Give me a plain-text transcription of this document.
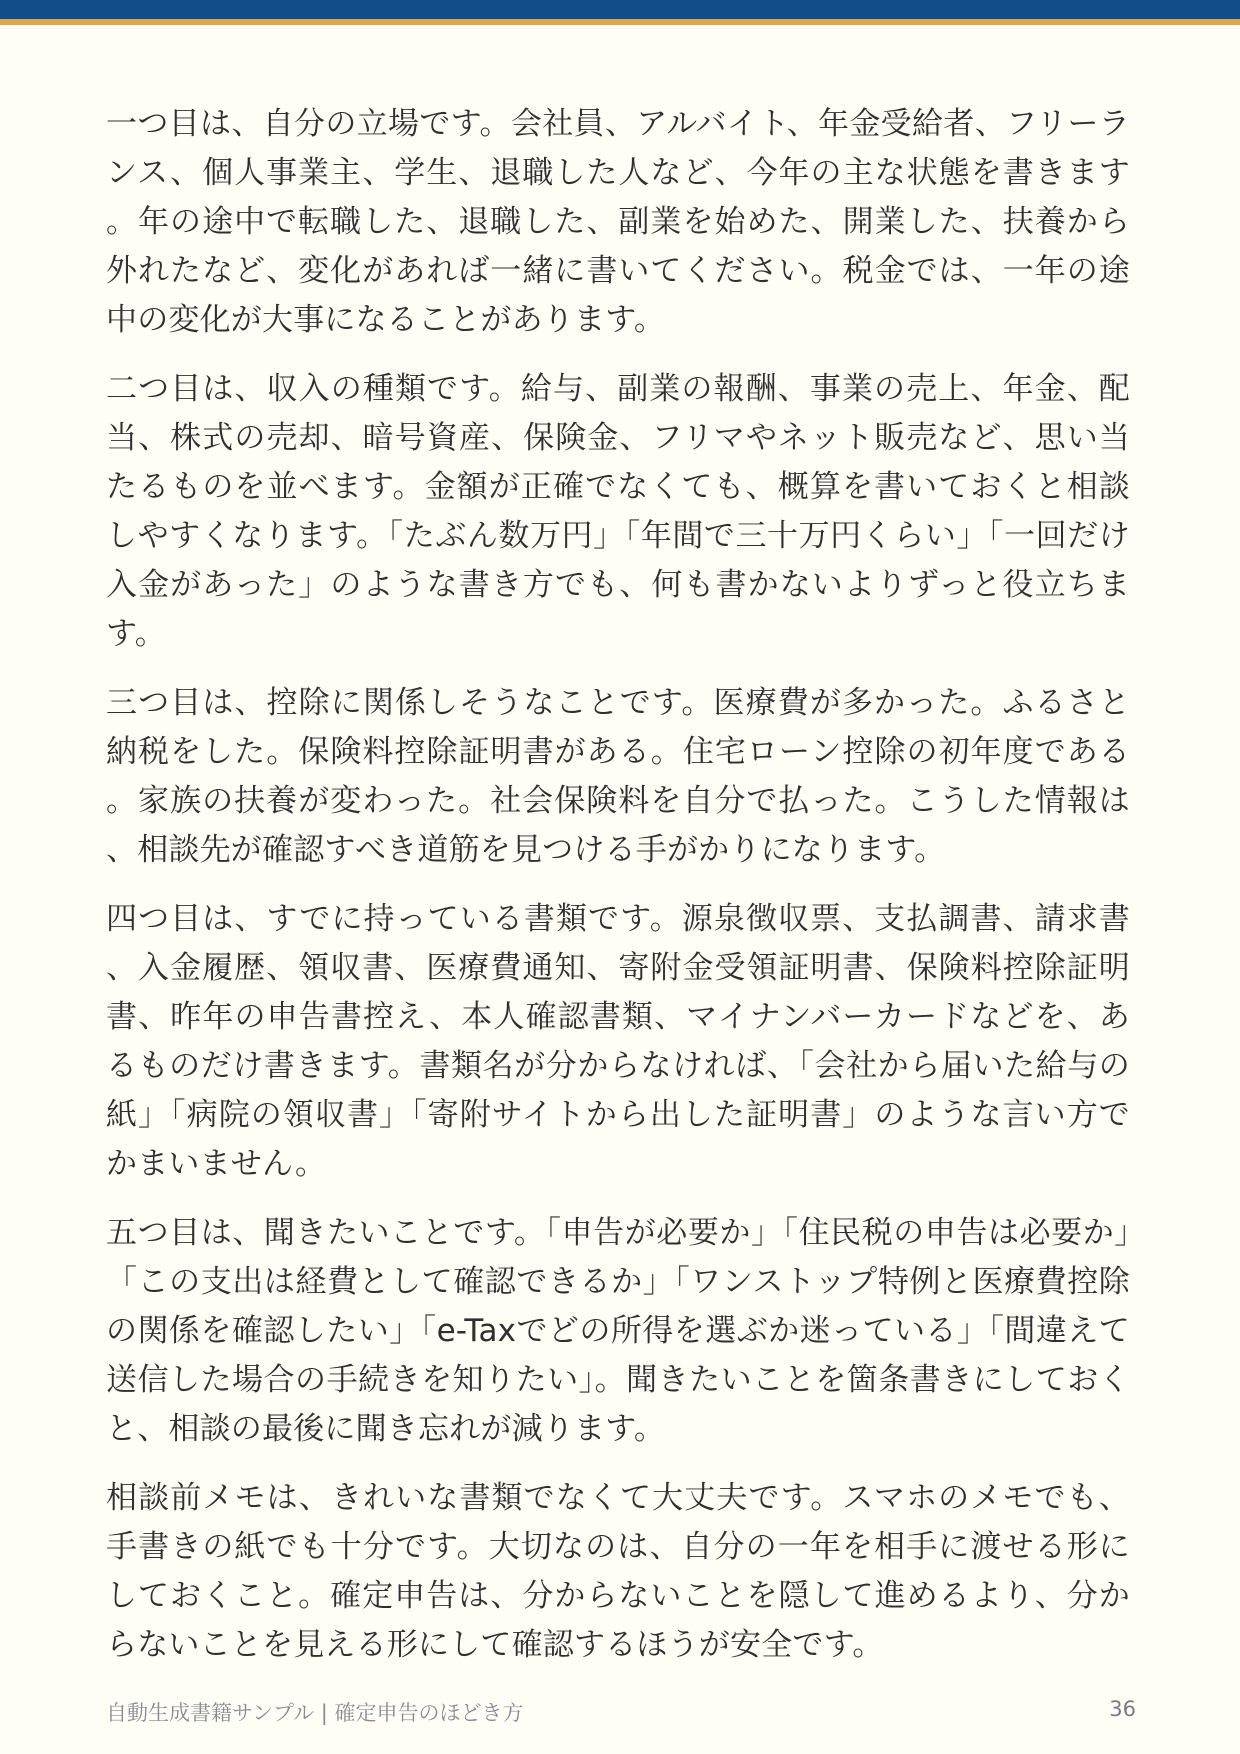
一つ目は、自分の立場です。会社員、アルバイト、年金受給者、フリーランス、個人事業主、学生、退職した人など、今年の主な状態を書きます。年の途中で転職した、退職した、副業を始めた、開業した、扶養から外れたなど、変化があれば一緒に書いてください。税金では、一年の途中の変化が大事になることがあります。

二つ目は、収入の種類です。給与、副業の報酬、事業の売上、年金、配当、株式の売却、暗号資産、保険金、フリマやネット販売など、思い当たるものを並べます。金額が正確でなくても、概算を書いておくと相談しやすくなります。「たぶん数万円」「年間で三十万円くらい」「一回だけ入金があった」のような書き方でも、何も書かないよりずっと役立ちます。

三つ目は、控除に関係しそうなことです。医療費が多かった。ふるさと納税をした。保険料控除証明書がある。住宅ローン控除の初年度である。家族の扶養が変わった。社会保険料を自分で払った。こうした情報は、相談先が確認すべき道筋を見つける手がかりになります。

四つ目は、すでに持っている書類です。源泉徴収票、支払調書、請求書、入金履歴、領収書、医療費通知、寄附金受領証明書、保険料控除証明書、昨年の申告書控え、本人確認書類、マイナンバーカードなどを、あるものだけ書きます。書類名が分からなければ、「会社から届いた給与の紙」「病院の領収書」「寄附サイトから出した証明書」のような言い方でかまいません。

五つ目は、聞きたいことです。「申告が必要か」「住民税の申告は必要か」「この支出は経費として確認できるか」「ワンストップ特例と医療費控除の関係を確認したい」「e-Taxでどの所得を選ぶか迷っている」「間違えて送信した場合の手続きを知りたい」。聞きたいことを箇条書きにしておくと、相談の最後に聞き忘れが減ります。

相談前メモは、きれいな書類でなくて大丈夫です。スマホのメモでも、手書きの紙でも十分です。大切なのは、自分の一年を相手に渡せる形にしておくこと。確定申告は、分からないことを隠して進めるより、分からないことを見える形にして確認するほうが安全です。

自動生成書籍サンプル | 確定申告のほどき方	36
